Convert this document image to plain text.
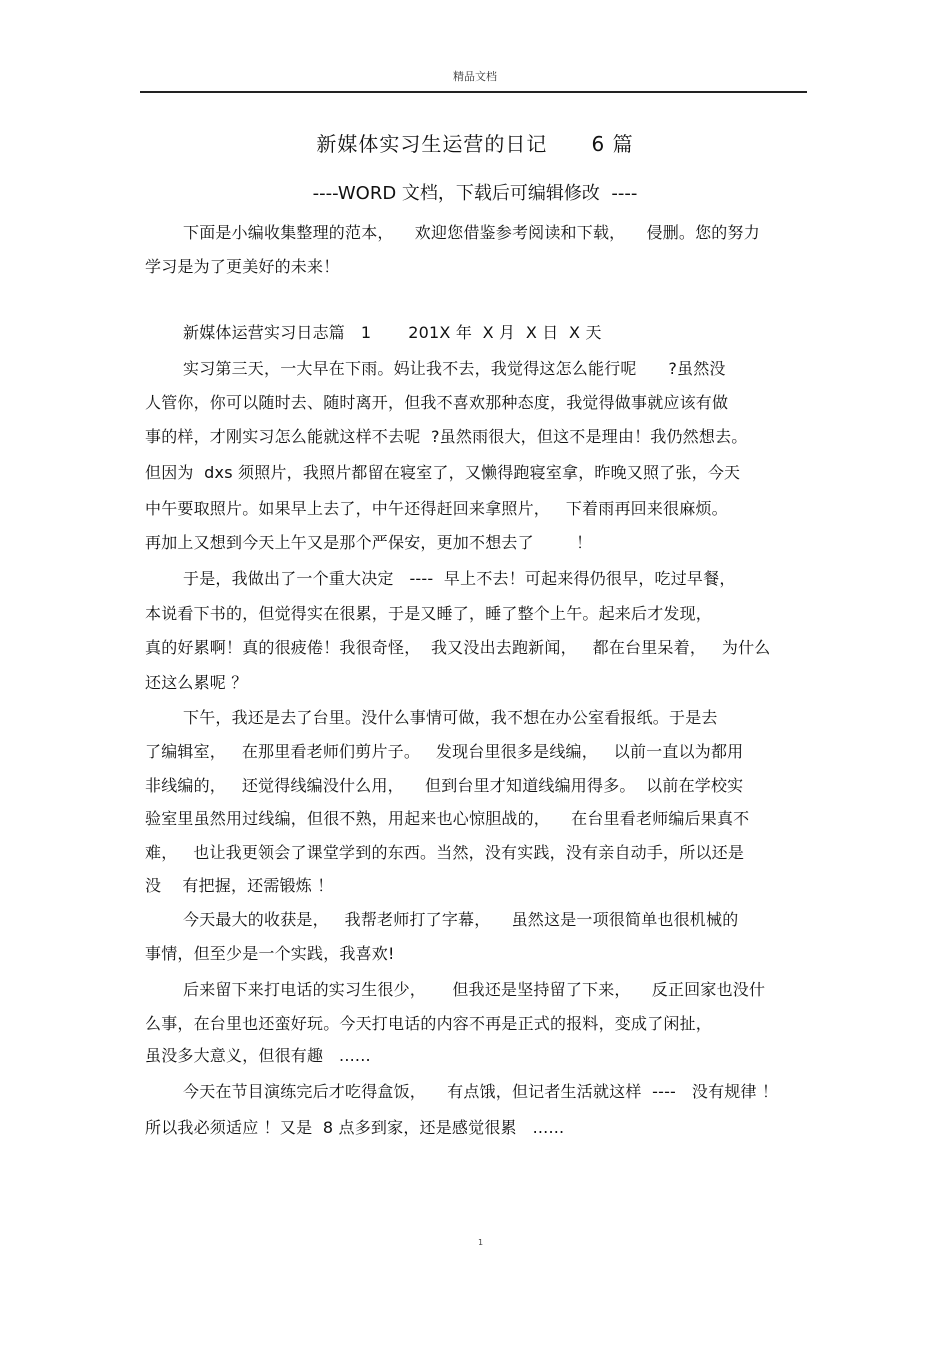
精品文档
新媒体实习生运营的日记      6 篇
----WORD 文档，下载后可编辑修改  ----
下面是小编收集整理的范本，    欢迎您借鉴参考阅读和下载，    侵删。您的努力
学习是为了更美好的未来！
新媒体运营实习日志篇   1       201X 年  X 月  X 日  X 天
实习第三天，一大早在下雨。妈让我不去，我觉得这怎么能行呢      ?虽然没
人管你，你可以随时去、随时离开，但我不喜欢那种态度，我觉得做事就应该有做
事的样，才刚实习怎么能就这样不去呢  ?虽然雨很大，但这不是理由！我仍然想去。
但因为  dxs 须照片，我照片都留在寝室了，又懒得跑寝室拿，昨晚又照了张，今天
中午要取照片。如果早上去了，中午还得赶回来拿照片，   下着雨再回来很麻烦。
再加上又想到今天上午又是那个严保安，更加不想去了        ！
于是，我做出了一个重大决定   ----  早上不去！可起来得仍很早，吃过早餐，
本说看下书的，但觉得实在很累，于是又睡了，睡了整个上午。起来后才发现，
真的好累啊！真的很疲倦！我很奇怪，  我又没出去跑新闻，   都在台里呆着，   为什么
还这么累呢 ？
下午，我还是去了台里。没什么事情可做，我不想在办公室看报纸。于是去
了编辑室，   在那里看老师们剪片子。   发现台里很多是线编，   以前一直以为都用
非线编的，   还觉得线编没什么用，    但到台里才知道线编用得多。  以前在学校实
验室里虽然用过线编，但很不熟，用起来也心惊胆战的，    在台里看老师编后果真不
难，   也让我更领会了课堂学到的东西。当然，没有实践，没有亲自动手，所以还是
没    有把握，还需锻炼 ！
今天最大的收获是，   我帮老师打了字幕，    虽然这是一项很简单也很机械的
事情，但至少是一个实践，我喜欢!
后来留下来打电话的实习生很少，     但我还是坚持留了下来，    反正回家也没什
么事，在台里也还蛮好玩。今天打电话的内容不再是正式的报料，变成了闲扯，
虽没多大意义，但很有趣   ......
今天在节目演练完后才吃得盒饭，    有点饿，但记者生活就这样  ----   没有规律 ！
所以我必须适应 ！又是  8 点多到家，还是感觉很累   ......
1
